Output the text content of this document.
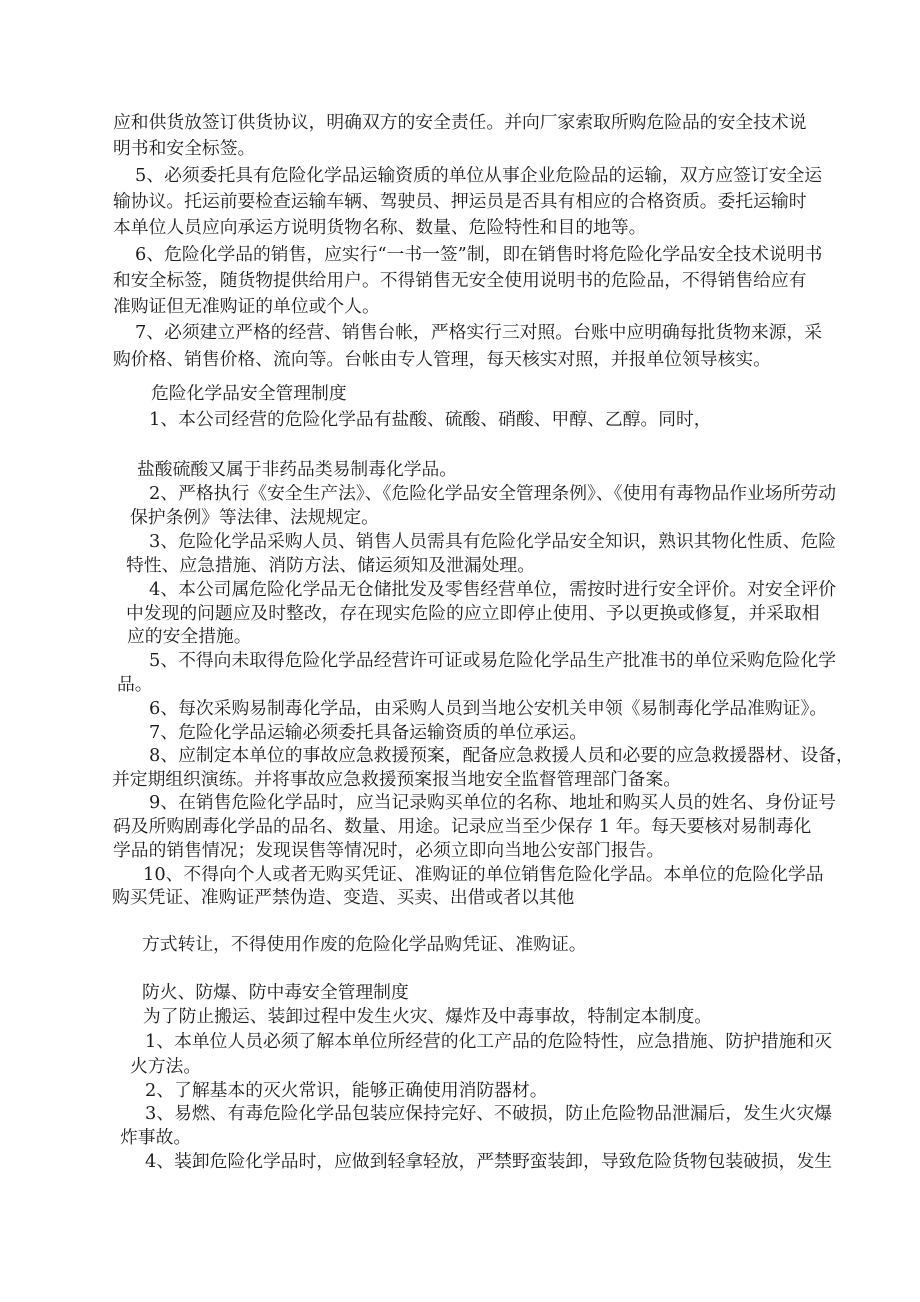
应和供货放签订供货协议，明确双方的安全责任。并向厂家索取所购危险品的安全技术说

明书和安全标签。

5、必须委托具有危险化学品运输资质的单位从事企业危险品的运输，双方应签订安全运

输协议。托运前要检查运输车辆、驾驶员、押运员是否具有相应的合格资质。委托运输时

本单位人员应向承运方说明货物名称、数量、危险特性和目的地等。

6、危险化学品的销售，应实行“一书一签”制，即在销售时将危险化学品安全技术说明书

和安全标签，随货物提供给用户。不得销售无安全使用说明书的危险品，不得销售给应有

准购证但无准购证的单位或个人。

7、必须建立严格的经营、销售台帐，严格实行三对照。台账中应明确每批货物来源，采

购价格、销售价格、流向等。台帐由专人管理，每天核实对照，并报单位领导核实。

危险化学品安全管理制度

1、本公司经营的危险化学品有盐酸、硫酸、硝酸、甲醇、乙醇。同时，

盐酸硫酸又属于非药品类易制毒化学品。

2、严格执行《安全生产法》、《危险化学品安全管理条例》、《使用有毒物品作业场所劳动

保护条例》等法律、法规规定。

3、危险化学品采购人员、销售人员需具有危险化学品安全知识，熟识其物化性质、危险

特性、应急措施、消防方法、储运须知及泄漏处理。

4、本公司属危险化学品无仓储批发及零售经营单位，需按时进行安全评价。对安全评价

中发现的问题应及时整改，存在现实危险的应立即停止使用、予以更换或修复，并采取相

应的安全措施。

5、不得向未取得危险化学品经营许可证或易危险化学品生产批准书的单位采购危险化学

品。

6、每次采购易制毒化学品，由采购人员到当地公安机关申领《易制毒化学品准购证》。

7、危险化学品运输必须委托具备运输资质的单位承运。

8、应制定本单位的事故应急救援预案，配备应急救援人员和必要的应急救援器材、设备，

并定期组织演练。并将事故应急救援预案报当地安全监督管理部门备案。

9、在销售危险化学品时，应当记录购买单位的名称、地址和购买人员的姓名、身份证号

码及所购剧毒化学品的品名、数量、用途。记录应当至少保存 1 年。每天要核对易制毒化

学品的销售情况；发现误售等情况时，必须立即向当地公安部门报告。

10、不得向个人或者无购买凭证、准购证的单位销售危险化学品。本单位的危险化学品

购买凭证、准购证严禁伪造、变造、买卖、出借或者以其他

方式转让，不得使用作废的危险化学品购凭证、准购证。

防火、防爆、防中毒安全管理制度

为了防止搬运、装卸过程中发生火灾、爆炸及中毒事故，特制定本制度。

1、本单位人员必须了解本单位所经营的化工产品的危险特性，应急措施、防护措施和灭

火方法。

2、了解基本的灭火常识，能够正确使用消防器材。

3、易燃、有毒危险化学品包装应保持完好、不破损，防止危险物品泄漏后，发生火灾爆

炸事故。

4、装卸危险化学品时，应做到轻拿轻放，严禁野蛮装卸，导致危险货物包装破损，发生
